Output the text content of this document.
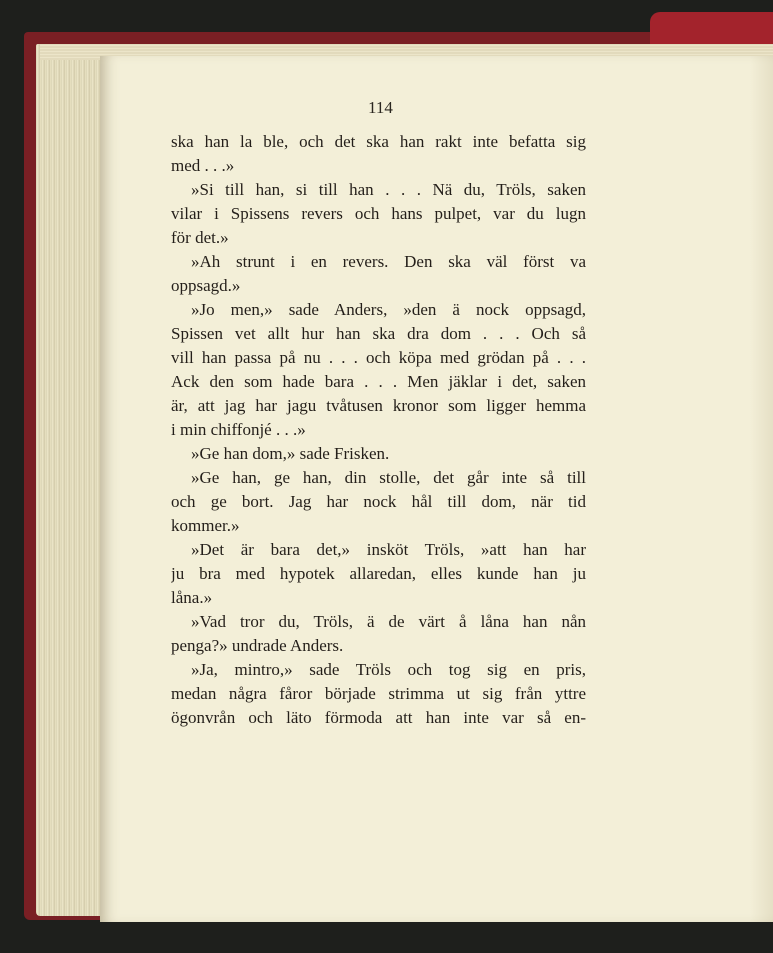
114

ska han la ble, och det ska han rakt inte befatta sig
med . . .»
»Si till han, si till han . . . Nä du, Tröls, saken
vilar i Spissens revers och hans pulpet, var du lugn
för det.»
»Ah strunt i en revers. Den ska väl först va
oppsagd.»
»Jo men,» sade Anders, »den ä nock oppsagd,
Spissen vet allt hur han ska dra dom . . . Och så
vill han passa på nu . . . och köpa med grödan på . . .
Ack den som hade bara . . . Men jäklar i det, saken
är, att jag har jagu tvåtusen kronor som ligger hemma
i min chiffonjé . . .»
»Ge han dom,» sade Frisken.
»Ge han, ge han, din stolle, det går inte så till
och ge bort. Jag har nock hål till dom, när tid
kommer.»
»Det är bara det,» insköt Tröls, »att han har
ju bra med hypotek allaredan, elles kunde han ju
låna.»
»Vad tror du, Tröls, ä de värt å låna han nån
penga?» undrade Anders.
»Ja, mintro,» sade Tröls och tog sig en pris,
medan några fåror började strimma ut sig från yttre
ögonvrån och läto förmoda att han inte var så en-
